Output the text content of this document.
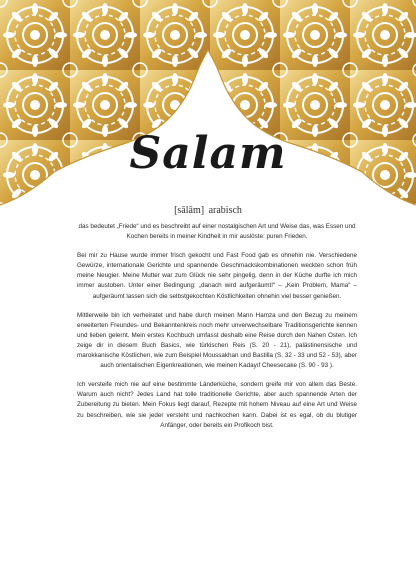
Salam
[sālām] arabisch

das bedeutet „Friede“ und es beschreibt auf einer nostalgischen Art und Weise das, was Essen und Kochen bereits in meiner Kindheit in mir auslöste: puren Frieden.

Bei mir zu Hause wurde immer frisch gekocht und Fast Food gab es ohnehin nie. Verschiedene Gewürze, internationale Gerichte und spannende Geschmackskombinationen weckten schon früh meine Neugier. Meine Mutter war zum Glück nie sehr pingelig, denn in der Küche durfte ich mich immer austoben. Unter einer Bedingung: „danach wird aufgeräumt!“ – „Kein Problem, Mama“ – aufgeräumt lassen sich die selbstgekochten Köstlichkeiten ohnehin viel besser genießen.

Mittlerweile bin ich verheiratet und habe durch meinen Mann Hamza und den Bezug zu meinem erweiterten Freundes- und Bekanntenkreis noch mehr unverwechselbare Traditionsgerichte kennen und lieben gelernt. Mein erstes Kochbuch umfasst deshalb eine Reise durch den Nahen Osten. Ich zeige dir in diesem Buch Basics, wie türkischen Reis (S. 20 - 21), palästinensische und marokkanische Köstlichen, wie zum Beispiel Moussakhan und Bastilla (S. 32 - 33 und 52 - 53), aber auch orientalischen Eigenkreationen, wie meinen Kadayıf Cheesecake (S. 90 - 93 ).

Ich versteife mich nie auf eine bestimmte Länderküche, sondern greife mir von allem das Beste. Warum auch nicht? Jedes Land hat tolle traditionelle Gerichte, aber auch spannende Arten der Zubereitung zu bieten. Mein Fokus liegt darauf, Rezepte mit hohem Niveau auf eine Art und Weise zu beschreiben, wie sie jeder versteht und nachkochen kann. Dabei ist es egal, ob du blutiger Anfänger, oder bereits ein Profikoch bist.
